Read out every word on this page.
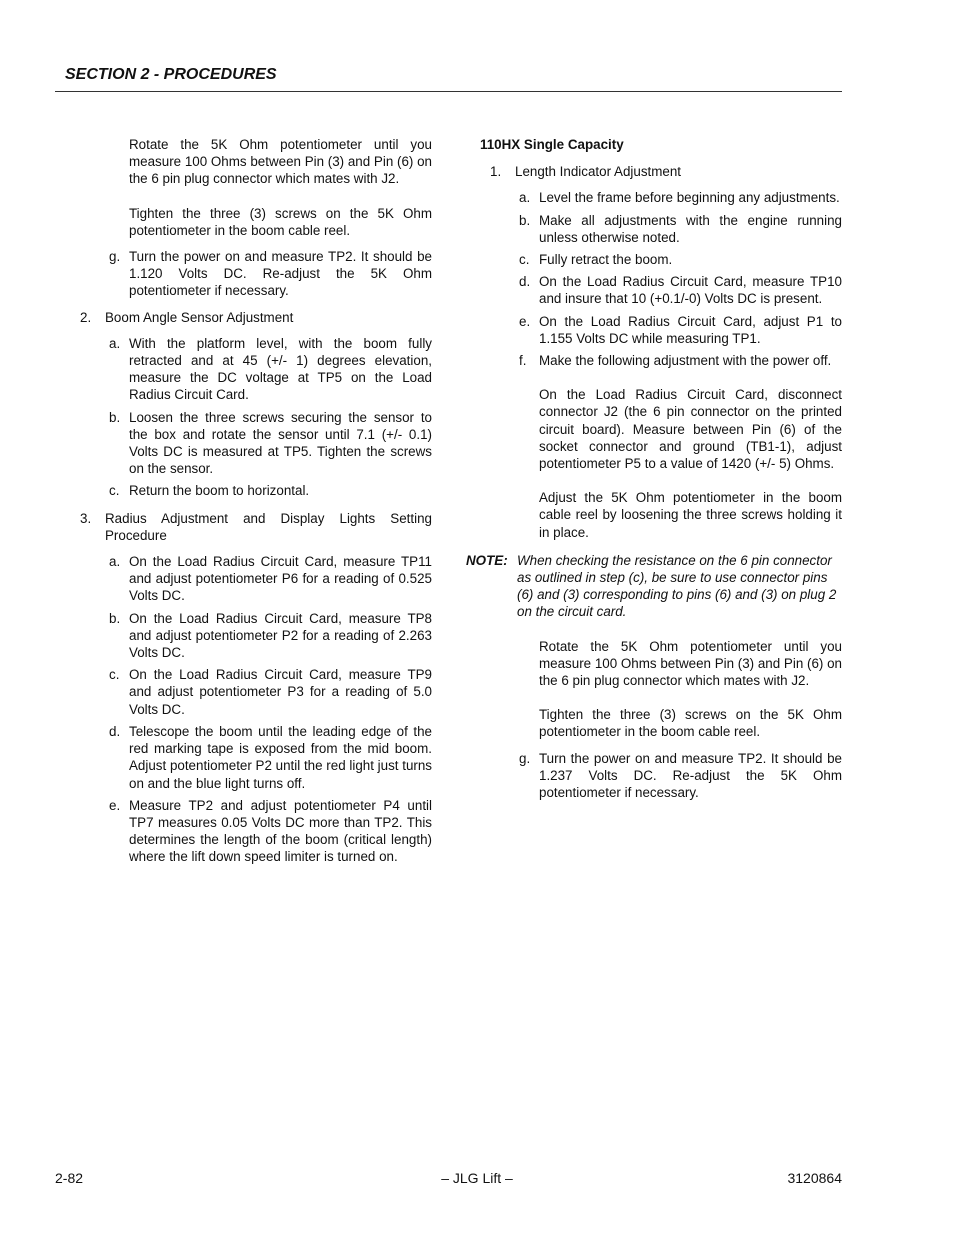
SECTION 2 - PROCEDURES
Rotate the 5K Ohm potentiometer until you measure 100 Ohms between Pin (3) and Pin (6) on the 6 pin plug connector which mates with J2.
Tighten the three (3) screws on the 5K Ohm potentiometer in the boom cable reel.
g. Turn the power on and measure TP2. It should be 1.120 Volts DC. Re-adjust the 5K Ohm potentiometer if necessary.
2.	Boom Angle Sensor Adjustment
a. With the platform level, with the boom fully retracted and at 45 (+/- 1) degrees elevation, measure the DC voltage at TP5 on the Load Radius Circuit Card.
b. Loosen the three screws securing the sensor to the box and rotate the sensor until 7.1 (+/- 0.1) Volts DC is measured at TP5. Tighten the screws on the sensor.
c. Return the boom to horizontal.
3.	Radius Adjustment and Display Lights Setting Procedure
a. On the Load Radius Circuit Card, measure TP11 and adjust potentiometer P6 for a reading of 0.525 Volts DC.
b. On the Load Radius Circuit Card, measure TP8 and adjust potentiometer P2 for a reading of 2.263 Volts DC.
c. On the Load Radius Circuit Card, measure TP9 and adjust potentiometer P3 for a reading of 5.0 Volts DC.
d. Telescope the boom until the leading edge of the red marking tape is exposed from the mid boom. Adjust potentiometer P2 until the red light just turns on and the blue light turns off.
e. Measure TP2 and adjust potentiometer P4 until TP7 measures 0.05 Volts DC more than TP2. This determines the length of the boom (critical length) where the lift down speed limiter is turned on.
110HX Single Capacity
1.	Length Indicator Adjustment
a. Level the frame before beginning any adjustments.
b. Make all adjustments with the engine running unless otherwise noted.
c. Fully retract the boom.
d. On the Load Radius Circuit Card, measure TP10 and insure that 10 (+0.1/-0) Volts DC is present.
e. On the Load Radius Circuit Card, adjust P1 to 1.155 Volts DC while measuring TP1.
f. Make the following adjustment with the power off.
On the Load Radius Circuit Card, disconnect connector J2 (the 6 pin connector on the printed circuit board). Measure between Pin (6) of the socket connector and ground (TB1-1), adjust potentiometer P5 to a value of 1420 (+/- 5) Ohms.
Adjust the 5K Ohm potentiometer in the boom cable reel by loosening the three screws holding it in place.
NOTE: When checking the resistance on the 6 pin connector as outlined in step (c), be sure to use connector pins (6) and (3) corresponding to pins (6) and (3) on plug 2 on the circuit card.
Rotate the 5K Ohm potentiometer until you measure 100 Ohms between Pin (3) and Pin (6) on the 6 pin plug connector which mates with J2.
Tighten the three (3) screws on the 5K Ohm potentiometer in the boom cable reel.
g. Turn the power on and measure TP2. It should be 1.237 Volts DC. Re-adjust the 5K Ohm potentiometer if necessary.
2-82	– JLG Lift –	3120864
